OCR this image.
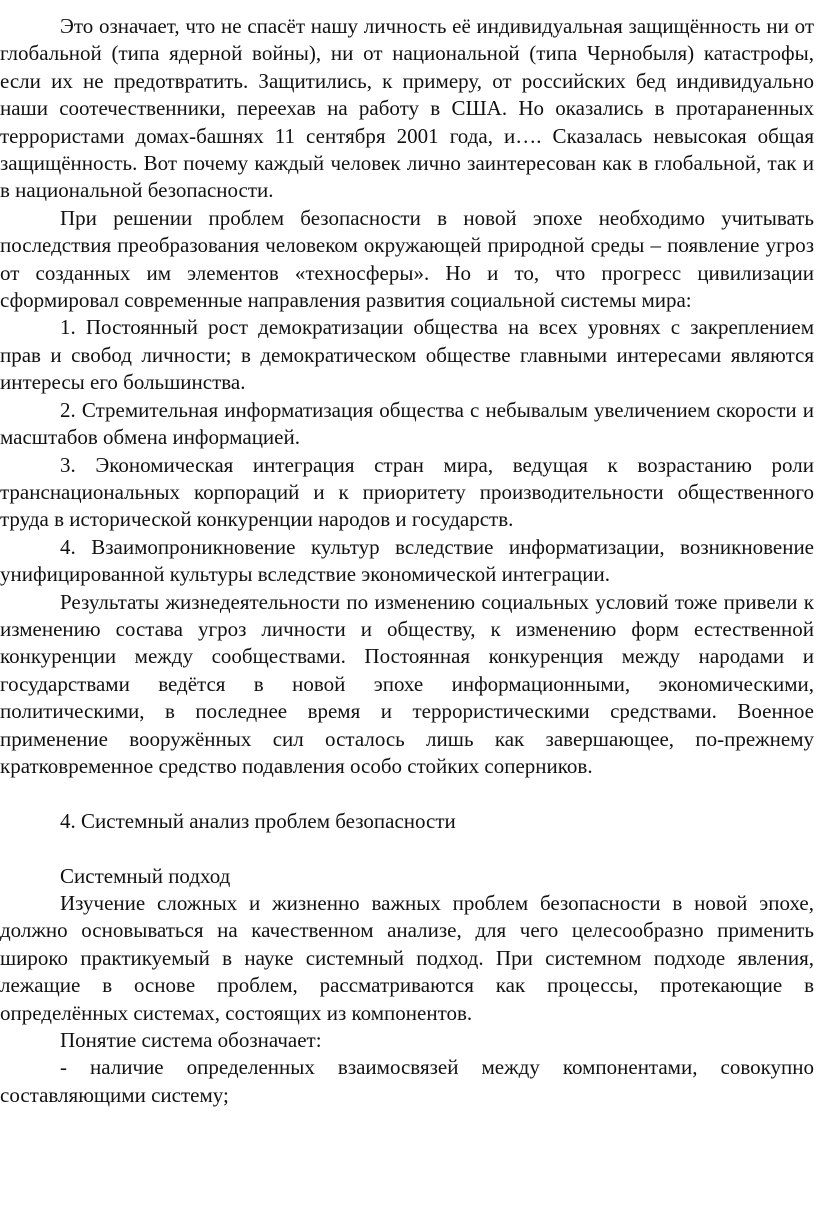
Это означает, что не спасёт нашу личность её индивидуальная защищённость ни от глобальной (типа ядерной войны), ни от национальной (типа Чернобыля) катастрофы, если их не предотвратить. Защитились, к примеру, от российских бед индивидуально наши соотечественники, переехав на работу в США. Но оказались в протараненных террористами домах-башнях 11 сентября 2001 года, и…. Сказалась невысокая общая защищённость. Вот почему каждый человек лично заинтересован как в глобальной, так и в национальной безопасности.

При решении проблем безопасности в новой эпохе необходимо учитывать последствия преобразования человеком окружающей природной среды – появление угроз от созданных им элементов «техносферы». Но и то, что прогресс цивилизации сформировал современные направления развития социальной системы мира:

1. Постоянный рост демократизации общества на всех уровнях с закреплением прав и свобод личности; в демократическом обществе главными интересами являются интересы его большинства.

2. Стремительная информатизация общества с небывалым увеличением скорости и масштабов обмена информацией.

3. Экономическая интеграция стран мира, ведущая к возрастанию роли транснациональных корпораций и к приоритету производительности общественного труда в исторической конкуренции народов и государств.

4. Взаимопроникновение культур вследствие информатизации, возникновение унифицированной культуры вследствие экономической интеграции.

Результаты жизнедеятельности по изменению социальных условий тоже привели к изменению состава угроз личности и обществу, к изменению форм естественной конкуренции между сообществами. Постоянная конкуренция между народами и государствами ведётся в новой эпохе информационными, экономическими, политическими, в последнее время и террористическими средствами. Военное применение вооружённых сил осталось лишь как завершающее, по-прежнему кратковременное средство подавления особо стойких соперников.

4. Системный анализ проблем безопасности

Системный подход

Изучение сложных и жизненно важных проблем безопасности в новой эпохе, должно основываться на качественном анализе, для чего целесообразно применить широко практикуемый в науке системный подход. При системном подходе явления, лежащие в основе проблем, рассматриваются как процессы, протекающие в определённых системах, состоящих из компонентов.

Понятие система обозначает:

- наличие определенных взаимосвязей между компонентами, совокупно составляющими систему;
